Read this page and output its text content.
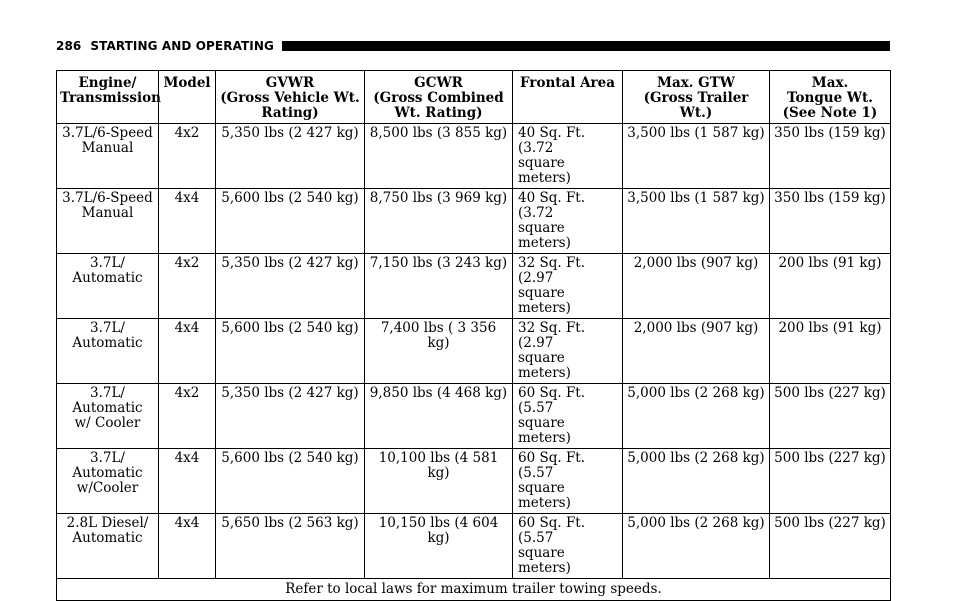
286 STARTING AND OPERATING
Engine/
Transmission	Model	GVWR
(Gross Vehicle Wt.
Rating)	GCWR
(Gross Combined
Wt. Rating)	Frontal Area	Max. GTW
(Gross Trailer Wt.)	Max.
Tongue Wt.
(See Note 1)

3.7L/6-Speed
Manual	4x2	5,350 lbs (2 427 kg)	8,500 lbs (3 855 kg)	40 Sq. Ft. (3.72
square meters)	3,500 lbs (1 587 kg)	350 lbs (159 kg)

3.7L/6-Speed
Manual	4x4	5,600 lbs (2 540 kg)	8,750 lbs (3 969 kg)	40 Sq. Ft. (3.72
square meters)	3,500 lbs (1 587 kg)	350 lbs (159 kg)

3.7L/
Automatic	4x2	5,350 lbs (2 427 kg)	7,150 lbs (3 243 kg)	32 Sq. Ft. (2.97
square meters)	2,000 lbs (907 kg)	200 lbs (91 kg)

3.7L/
Automatic	4x4	5,600 lbs (2 540 kg)	7,400 lbs ( 3 356 kg)	32 Sq. Ft. (2.97
square meters)	2,000 lbs (907 kg)	200 lbs (91 kg)

3.7L/
Automatic
w/ Cooler	4x2	5,350 lbs (2 427 kg)	9,850 lbs (4 468 kg)	60 Sq. Ft. (5.57
square meters)	5,000 lbs (2 268 kg)	500 lbs (227 kg)

3.7L/
Automatic
w/Cooler	4x4	5,600 lbs (2 540 kg)	10,100 lbs (4 581 kg)	60 Sq. Ft. (5.57
square meters)	5,000 lbs (2 268 kg)	500 lbs (227 kg)

2.8L Diesel/
Automatic	4x4	5,650 lbs (2 563 kg)	10,150 lbs (4 604 kg)	60 Sq. Ft. (5.57
square meters)	5,000 lbs (2 268 kg)	500 lbs (227 kg)
Refer to local laws for maximum trailer towing speeds.						
